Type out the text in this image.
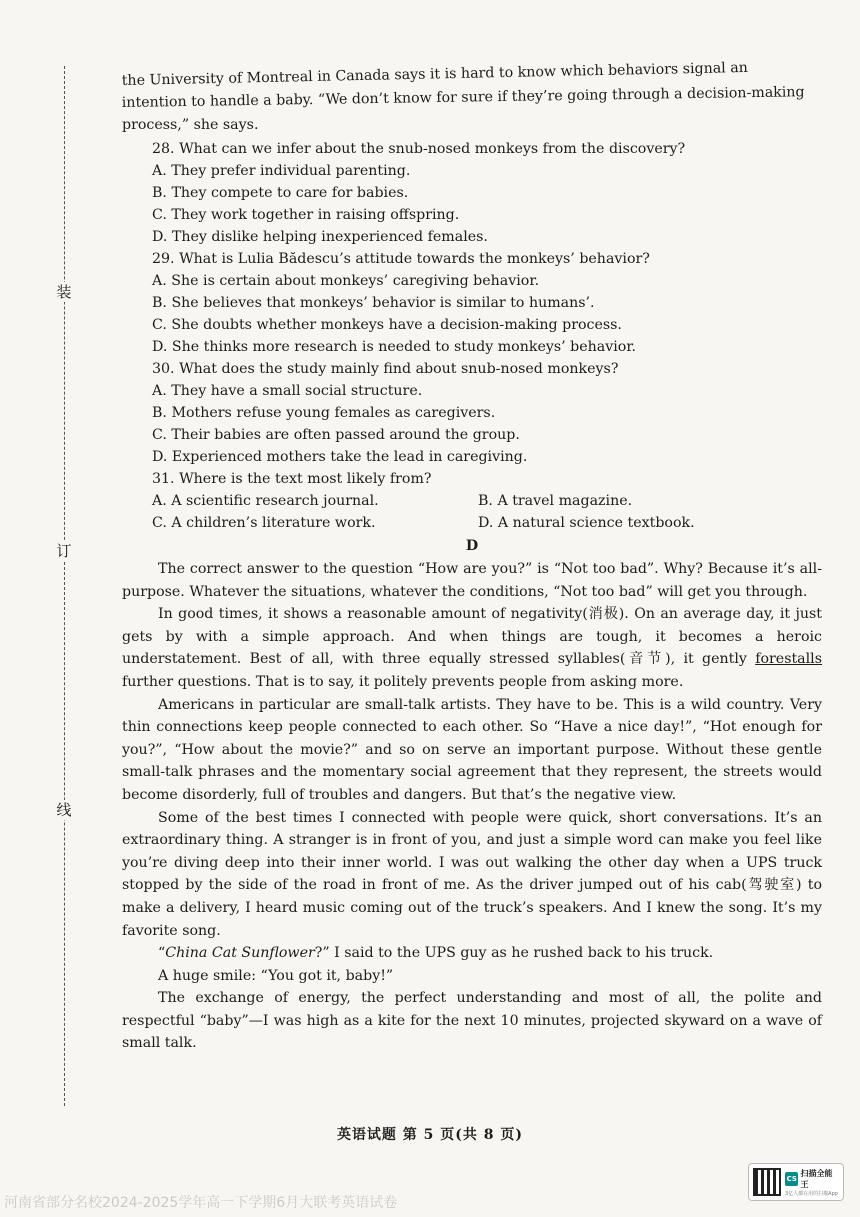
装
订
线
the University of Montreal in Canada says it is hard to know which behaviors signal an
intention to handle a baby. “We don’t know for sure if they’re going through a decision-making
process,” she says.
28. What can we infer about the snub-nosed monkeys from the discovery?
A. They prefer individual parenting.
B. They compete to care for babies.
C. They work together in raising offspring.
D. They dislike helping inexperienced females.
29. What is Lulia Bădescu’s attitude towards the monkeys’ behavior?
A. She is certain about monkeys’ caregiving behavior.
B. She believes that monkeys’ behavior is similar to humans’.
C. She doubts whether monkeys have a decision-making process.
D. She thinks more research is needed to study monkeys’ behavior.
30. What does the study mainly find about snub-nosed monkeys?
A. They have a small social structure.
B. Mothers refuse young females as caregivers.
C. Their babies are often passed around the group.
D. Experienced mothers take the lead in caregiving.
31. Where is the text most likely from?
A. A scientific research journal.	B. A travel magazine.
C. A children’s literature work.	D. A natural science textbook.
D

The correct answer to the question “How are you?” is “Not too bad”. Why? Because it’s all-purpose. Whatever the situations, whatever the conditions, “Not too bad” will get you through.

In good times, it shows a reasonable amount of negativity(消极). On an average day, it just gets by with a simple approach. And when things are tough, it becomes a heroic understatement. Best of all, with three equally stressed syllables(音节), it gently forestalls further questions. That is to say, it politely prevents people from asking more.

Americans in particular are small-talk artists. They have to be. This is a wild country. Very thin connections keep people connected to each other. So “Have a nice day!”, “Hot enough for you?”, “How about the movie?” and so on serve an important purpose. Without these gentle small-talk phrases and the momentary social agreement that they represent, the streets would become disorderly, full of troubles and dangers. But that’s the negative view.

Some of the best times I connected with people were quick, short conversations. It’s an extraordinary thing. A stranger is in front of you, and just a simple word can make you feel like you’re diving deep into their inner world. I was out walking the other day when a UPS truck stopped by the side of the road in front of me. As the driver jumped out of his cab(驾驶室) to make a delivery, I heard music coming out of the truck’s speakers. And I knew the song. It’s my favorite song.

“China Cat Sunflower?” I said to the UPS guy as he rushed back to his truck.

A huge smile: “You got it, baby!”

The exchange of energy, the perfect understanding and most of all, the polite and respectful “baby”—I was high as a kite for the next 10 minutes, projected skyward on a wave of small talk.

英语试题 第 5 页(共 8 页)
河南省部分名校2024-2025学年高一下学期6月大联考英语试卷
CS
扫描全能王
3亿人都在用的扫描App
